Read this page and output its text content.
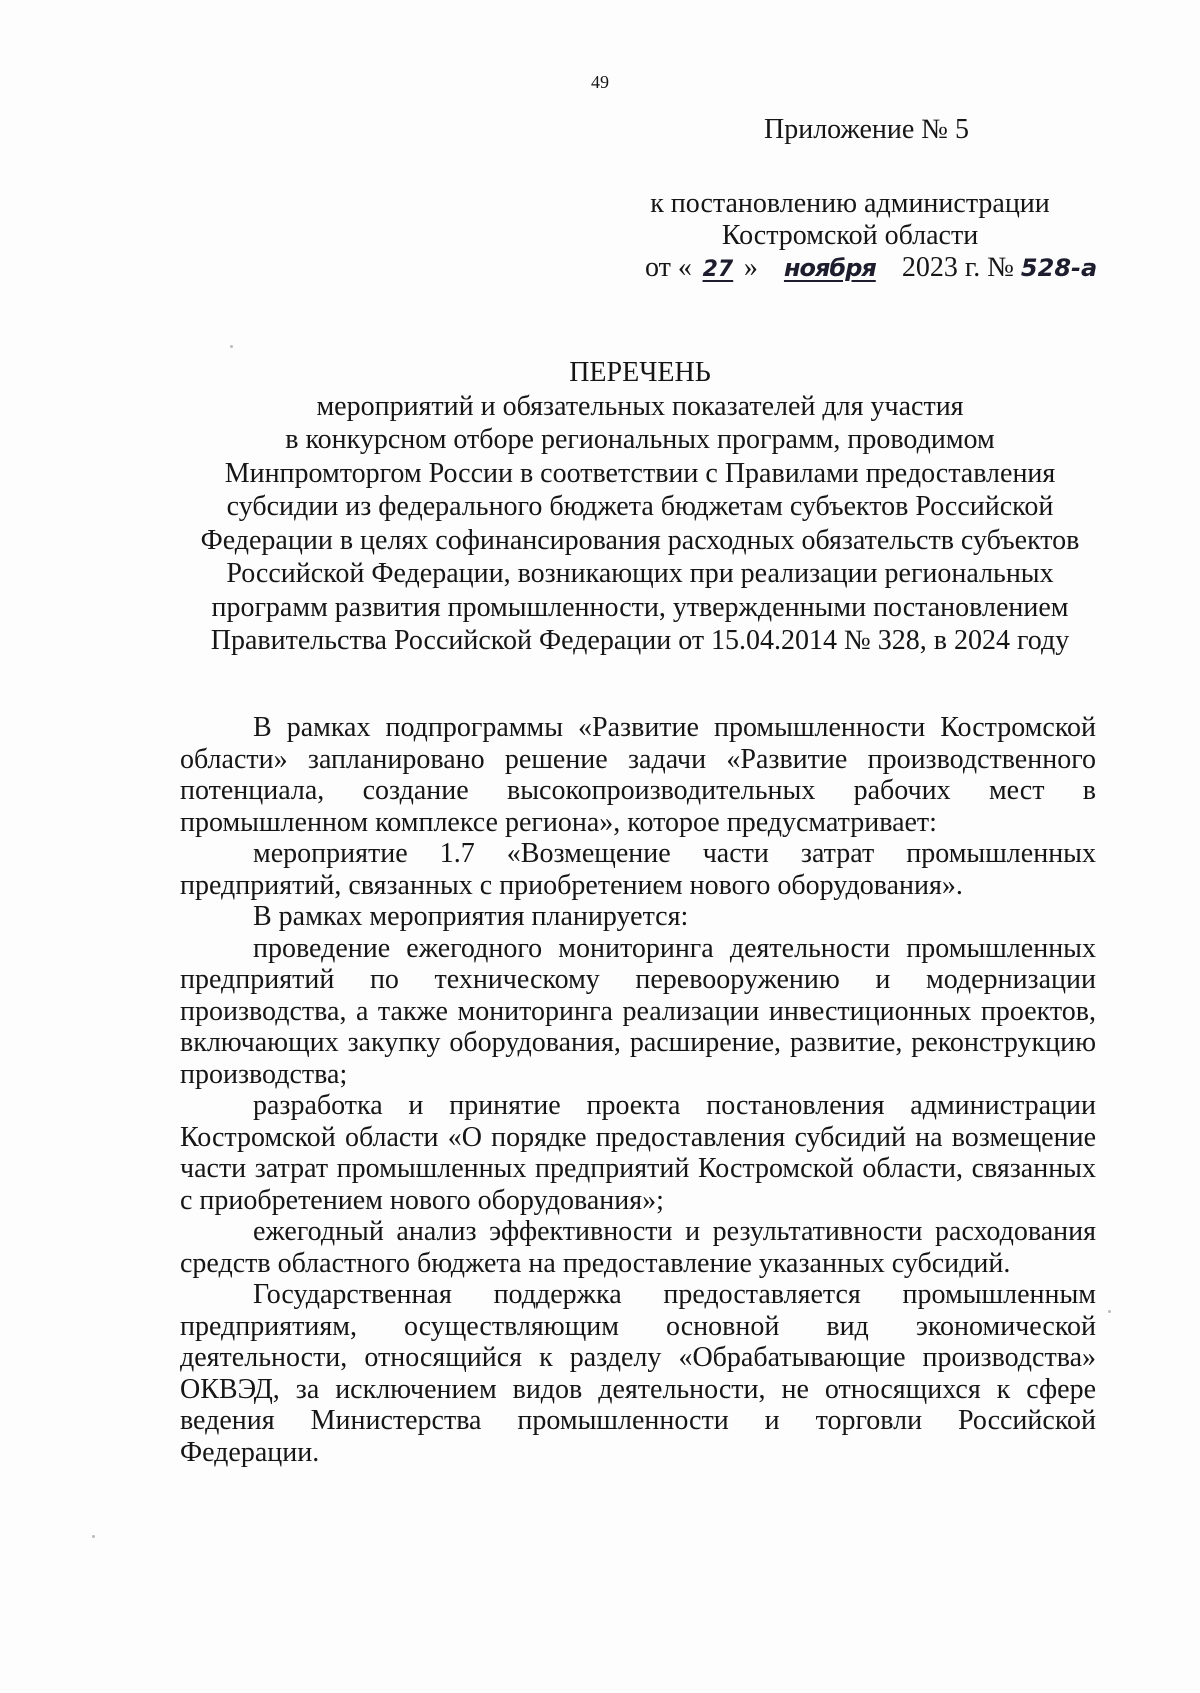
49
Приложение № 5
к постановлению администрации
Костромской области
от « 27 » ноября 2023 г. № 528-а
ПЕРЕЧЕНЬ
мероприятий и обязательных показателей для участия
в конкурсном отборе региональных программ, проводимом
Минпромторгом России в соответствии с Правилами предоставления
субсидии из федерального бюджета бюджетам субъектов Российской
Федерации в целях софинансирования расходных обязательств субъектов
Российской Федерации, возникающих при реализации региональных
программ развития промышленности, утвержденными постановлением
Правительства Российской Федерации от 15.04.2014 № 328, в 2024 году

В рамках подпрограммы «Развитие промышленности Костромской области» запланировано решение задачи «Развитие производственного потенциала, создание высокопроизводительных рабочих мест в промышленном комплексе региона», которое предусматривает:

мероприятие 1.7 «Возмещение части затрат промышленных предприятий, связанных с приобретением нового оборудования».

В рамках мероприятия планируется:

проведение ежегодного мониторинга деятельности промышленных предприятий по техническому перевооружению и модернизации производства, а также мониторинга реализации инвестиционных проектов, включающих закупку оборудования, расширение, развитие, реконструкцию производства;

разработка и принятие проекта постановления администрации Костромской области «О порядке предоставления субсидий на возмещение части затрат промышленных предприятий Костромской области, связанных с приобретением нового оборудования»;

ежегодный анализ эффективности и результативности расходования средств областного бюджета на предоставление указанных субсидий.

Государственная поддержка предоставляется промышленным предприятиям, осуществляющим основной вид экономической деятельности, относящийся к разделу «Обрабатывающие производства» ОКВЭД, за исключением видов деятельности, не относящихся к сфере ведения Министерства промышленности и торговли Российской Федерации.
